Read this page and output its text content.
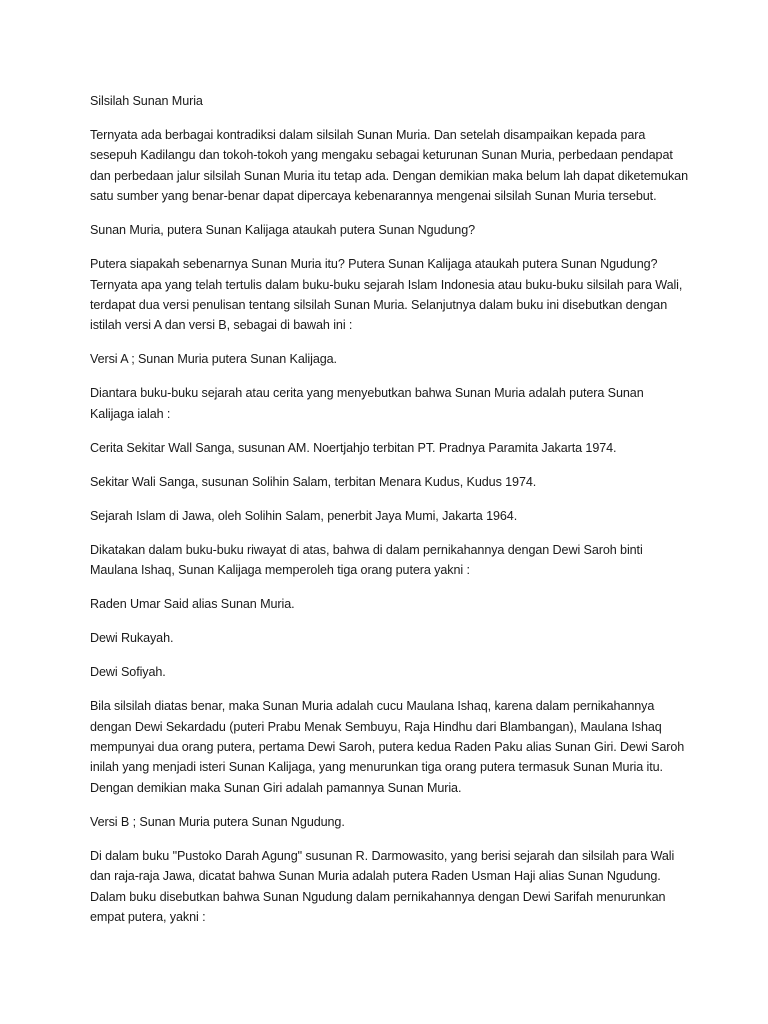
Silsilah Sunan Muria

Ternyata ada berbagai kontradiksi dalam silsilah Sunan Muria. Dan setelah disampaikan kepada para sesepuh Kadilangu dan tokoh-tokoh yang mengaku sebagai keturunan Sunan Muria, perbedaan pendapat dan perbedaan jalur silsilah Sunan Muria itu tetap ada. Dengan demikian maka belum lah dapat diketemukan satu sumber yang benar-benar dapat dipercaya kebenarannya mengenai silsilah Sunan Muria tersebut.

Sunan Muria, putera Sunan Kalijaga ataukah putera Sunan Ngudung?

Putera siapakah sebenarnya Sunan Muria itu? Putera Sunan Kalijaga ataukah putera Sunan Ngudung? Ternyata apa yang telah tertulis dalam buku-buku sejarah Islam Indonesia atau buku-buku silsilah para Wali, terdapat dua versi penulisan tentang silsilah Sunan Muria. Selanjutnya dalam buku ini disebutkan dengan istilah versi A dan versi B, sebagai di bawah ini :

Versi A ; Sunan Muria putera Sunan Kalijaga.

Diantara buku-buku sejarah atau cerita yang menyebutkan bahwa Sunan Muria adalah putera Sunan Kalijaga ialah :

Cerita Sekitar Wall Sanga, susunan AM. Noertjahjo terbitan PT. Pradnya Paramita Jakarta 1974.

Sekitar Wali Sanga, susunan Solihin Salam, terbitan Menara Kudus, Kudus 1974.

Sejarah Islam di Jawa, oleh Solihin Salam, penerbit Jaya Mumi, Jakarta 1964.

Dikatakan dalam buku-buku riwayat di atas, bahwa di dalam pernikahannya dengan Dewi Saroh binti Maulana Ishaq, Sunan Kalijaga memperoleh tiga orang putera yakni :

Raden Umar Said alias Sunan Muria.

Dewi Rukayah.

Dewi Sofiyah.

Bila silsilah diatas benar, maka Sunan Muria adalah cucu Maulana Ishaq, karena dalam pernikahannya dengan Dewi Sekardadu (puteri Prabu Menak Sembuyu, Raja Hindhu dari Blambangan), Maulana Ishaq mempunyai dua orang putera, pertama Dewi Saroh, putera kedua Raden Paku alias Sunan Giri. Dewi Saroh inilah yang menjadi isteri Sunan Kalijaga, yang menurunkan tiga orang putera termasuk Sunan Muria itu. Dengan demikian maka Sunan Giri adalah pamannya Sunan Muria.

Versi B ; Sunan Muria putera Sunan Ngudung.

Di dalam buku "Pustoko Darah Agung" susunan R. Darmowasito, yang berisi sejarah dan silsilah para Wali dan raja-raja Jawa, dicatat bahwa Sunan Muria adalah putera Raden Usman Haji alias Sunan Ngudung. Dalam buku disebutkan bahwa Sunan Ngudung dalam pernikahannya dengan Dewi Sarifah menurunkan empat putera, yakni :
